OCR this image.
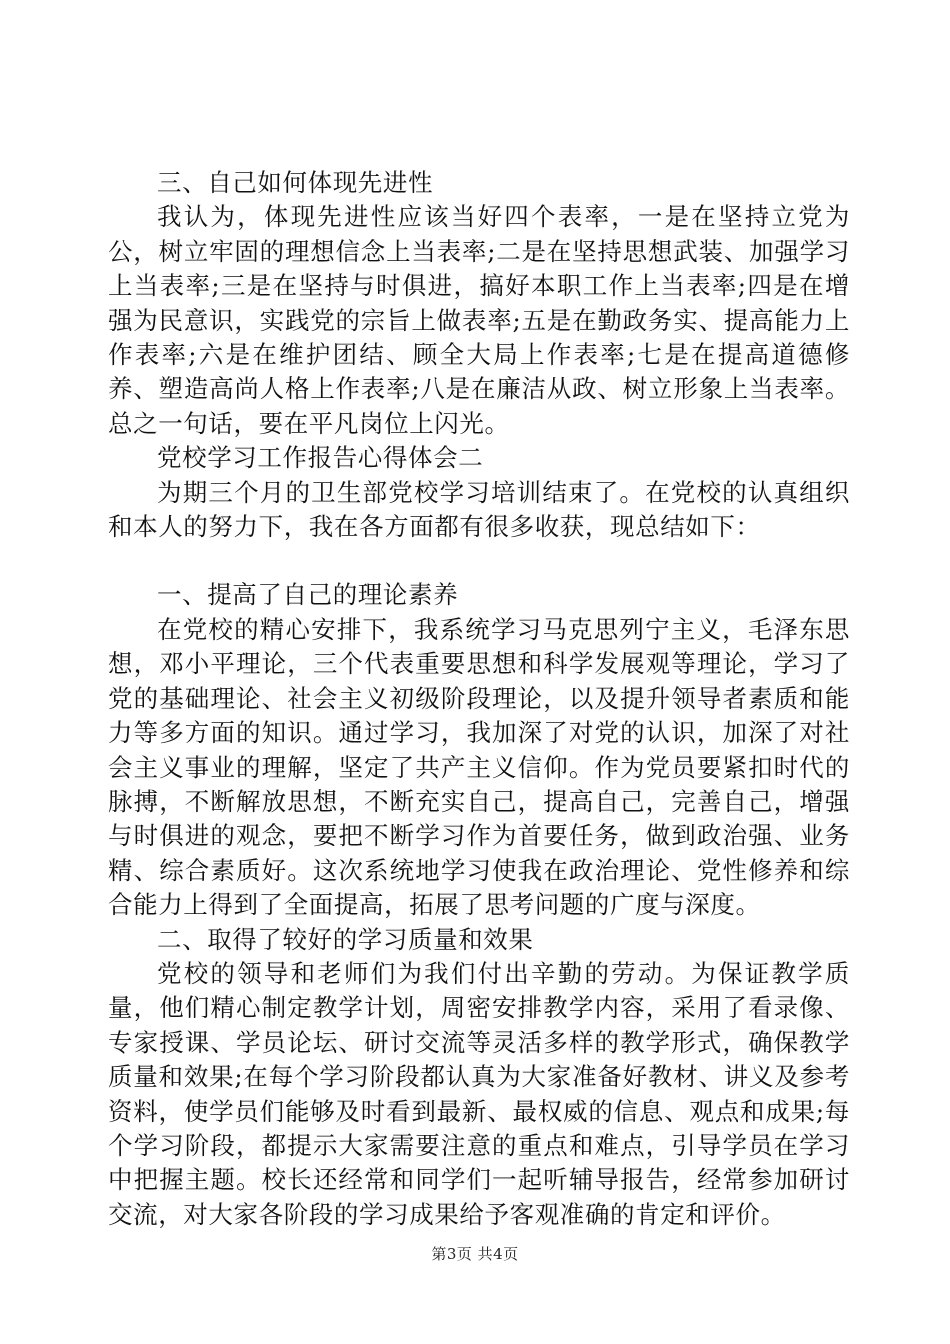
三、自己如何体现先进性

我认为，体现先进性应该当好四个表率，一是在坚持立党为公，树立牢固的理想信念上当表率;二是在坚持思想武装、加强学习上当表率;三是在坚持与时俱进，搞好本职工作上当表率;四是在增强为民意识，实践党的宗旨上做表率;五是在勤政务实、提高能力上作表率;六是在维护团结、顾全大局上作表率;七是在提高道德修养、塑造高尚人格上作表率;八是在廉洁从政、树立形象上当表率。总之一句话，要在平凡岗位上闪光。

党校学习工作报告心得体会二

为期三个月的卫生部党校学习培训结束了。在党校的认真组织和本人的努力下，我在各方面都有很多收获，现总结如下：

一、提高了自己的理论素养

在党校的精心安排下，我系统学习马克思列宁主义，毛泽东思想，邓小平理论，三个代表重要思想和科学发展观等理论，学习了党的基础理论、社会主义初级阶段理论，以及提升领导者素质和能力等多方面的知识。通过学习，我加深了对党的认识，加深了对社会主义事业的理解，坚定了共产主义信仰。作为党员要紧扣时代的脉搏，不断解放思想，不断充实自己，提高自己，完善自己，增强与时俱进的观念，要把不断学习作为首要任务，做到政治强、业务精、综合素质好。这次系统地学习使我在政治理论、党性修养和综合能力上得到了全面提高，拓展了思考问题的广度与深度。

二、取得了较好的学习质量和效果

党校的领导和老师们为我们付出辛勤的劳动。为保证教学质量，他们精心制定教学计划，周密安排教学内容，采用了看录像、专家授课、学员论坛、研讨交流等灵活多样的教学形式，确保教学质量和效果;在每个学习阶段都认真为大家准备好教材、讲义及参考资料，使学员们能够及时看到最新、最权威的信息、观点和成果;每个学习阶段，都提示大家需要注意的重点和难点，引导学员在学习中把握主题。校长还经常和同学们一起听辅导报告，经常参加研讨交流，对大家各阶段的学习成果给予客观准确的肯定和评价。

第3页 共4页
